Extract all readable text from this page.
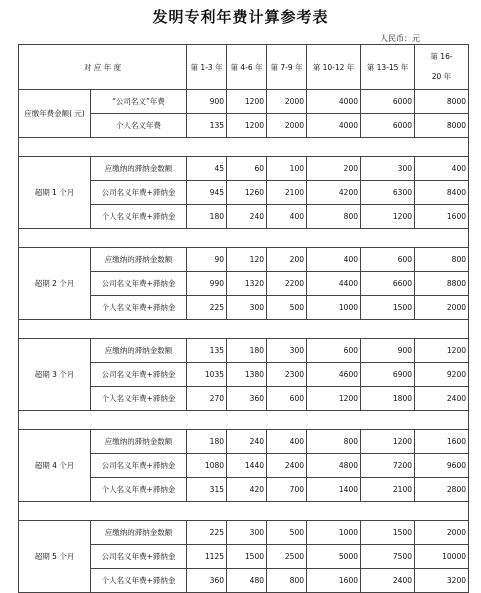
发明专利年费计算参考表
人民币：元
对 应 年 度		第 1-3 年	第 4-6 年	第 7-9 年	第 10-12 年	第 13-15 年	第 16-20 年
应缴年费金额( 元)	“公司名义”年费	900	1200	2000	4000	6000	8000
	个人名义年费	135	1200	2000	4000	6000	8000

超期 1 个月	应缴纳的滞纳金数额	45	60	100	200	300	400
	公司名义年费+滞纳金	945	1260	2100	4200	6300	8400
	个人名义年费+滞纳金	180	240	400	800	1200	1600

超期 2 个月	应缴纳的滞纳金数额	90	120	200	400	600	800
	公司名义年费+滞纳金	990	1320	2200	4400	6600	8800
	个人名义年费+滞纳金	225	300	500	1000	1500	2000

超期 3 个月	应缴纳的滞纳金数额	135	180	300	600	900	1200
	公司名义年费+滞纳金	1035	1380	2300	4600	6900	9200
	个人名义年费+滞纳金	270	360	600	1200	1800	2400

超期 4 个月	应缴纳的滞纳金数额	180	240	400	800	1200	1600
	公司名义年费+滞纳金	1080	1440	2400	4800	7200	9600
	个人名义年费+滞纳金	315	420	700	1400	2100	2800

超期 5 个月	应缴纳的滞纳金数额	225	300	500	1000	1500	2000
	公司名义年费+滞纳金	1125	1500	2500	5000	7500	10000
	个人名义年费+滞纳金	360	480	800	1600	2400	3200
